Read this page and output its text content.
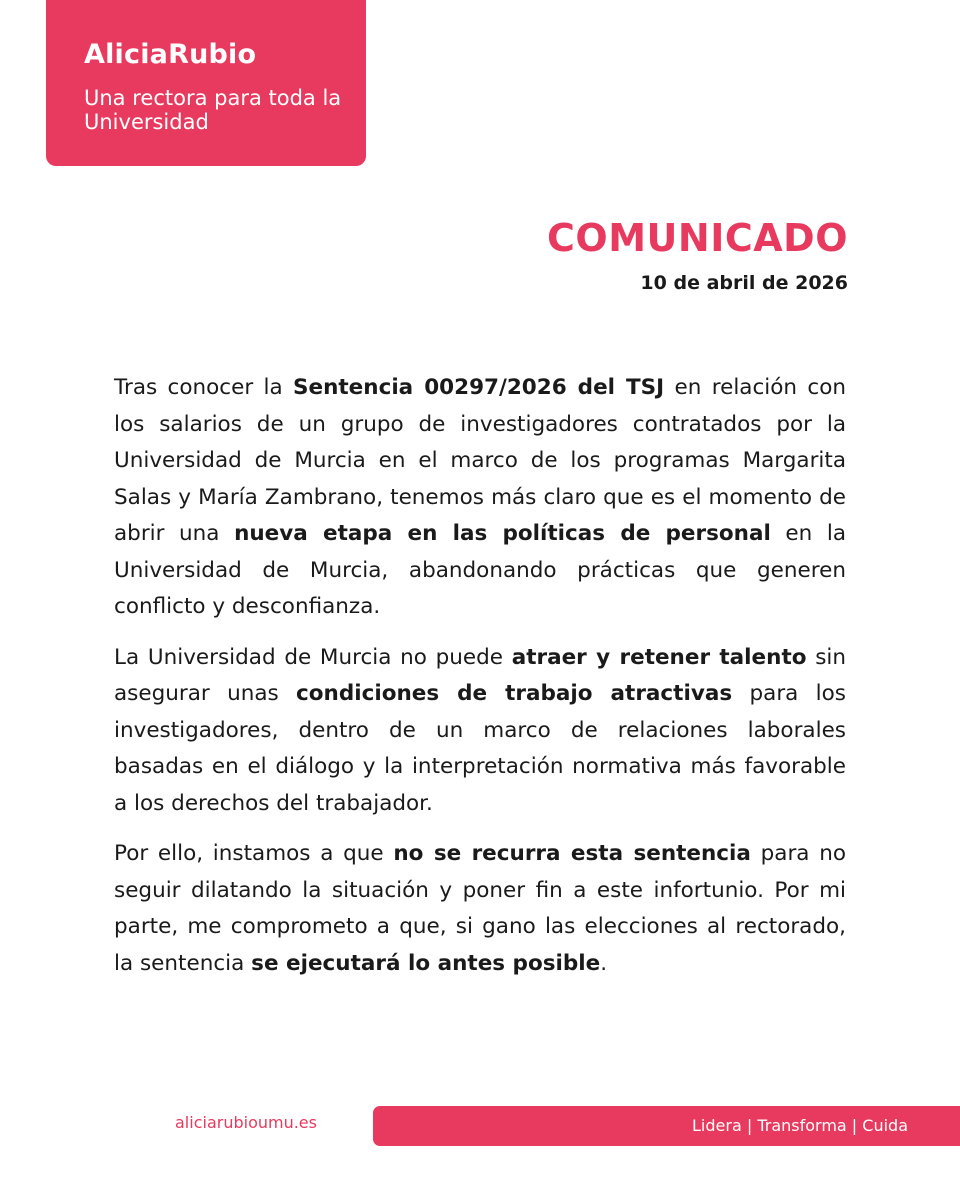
AliciaRubio
Una rectora para toda la Universidad
COMUNICADO
10 de abril de 2026

Tras conocer la Sentencia 00297/2026 del TSJ en relación con los salarios de un grupo de investigadores contratados por la Universidad de Murcia en el marco de los programas Margarita Salas y María Zambrano, tenemos más claro que es el momento de abrir una nueva etapa en las políticas de personal en la Universidad de Murcia, abandonando prácticas que generen conflicto y desconfianza.

La Universidad de Murcia no puede atraer y retener talento sin asegurar unas condiciones de trabajo atractivas para los investigadores, dentro de un marco de relaciones laborales basadas en el diálogo y la interpretación normativa más favorable a los derechos del trabajador.

Por ello, instamos a que no se recurra esta sentencia para no seguir dilatando la situación y poner fin a este infortunio. Por mi parte, me comprometo a que, si gano las elecciones al rectorado, la sentencia se ejecutará lo antes posible.

aliciarubioumu.es	Lidera | Transforma | Cuida
